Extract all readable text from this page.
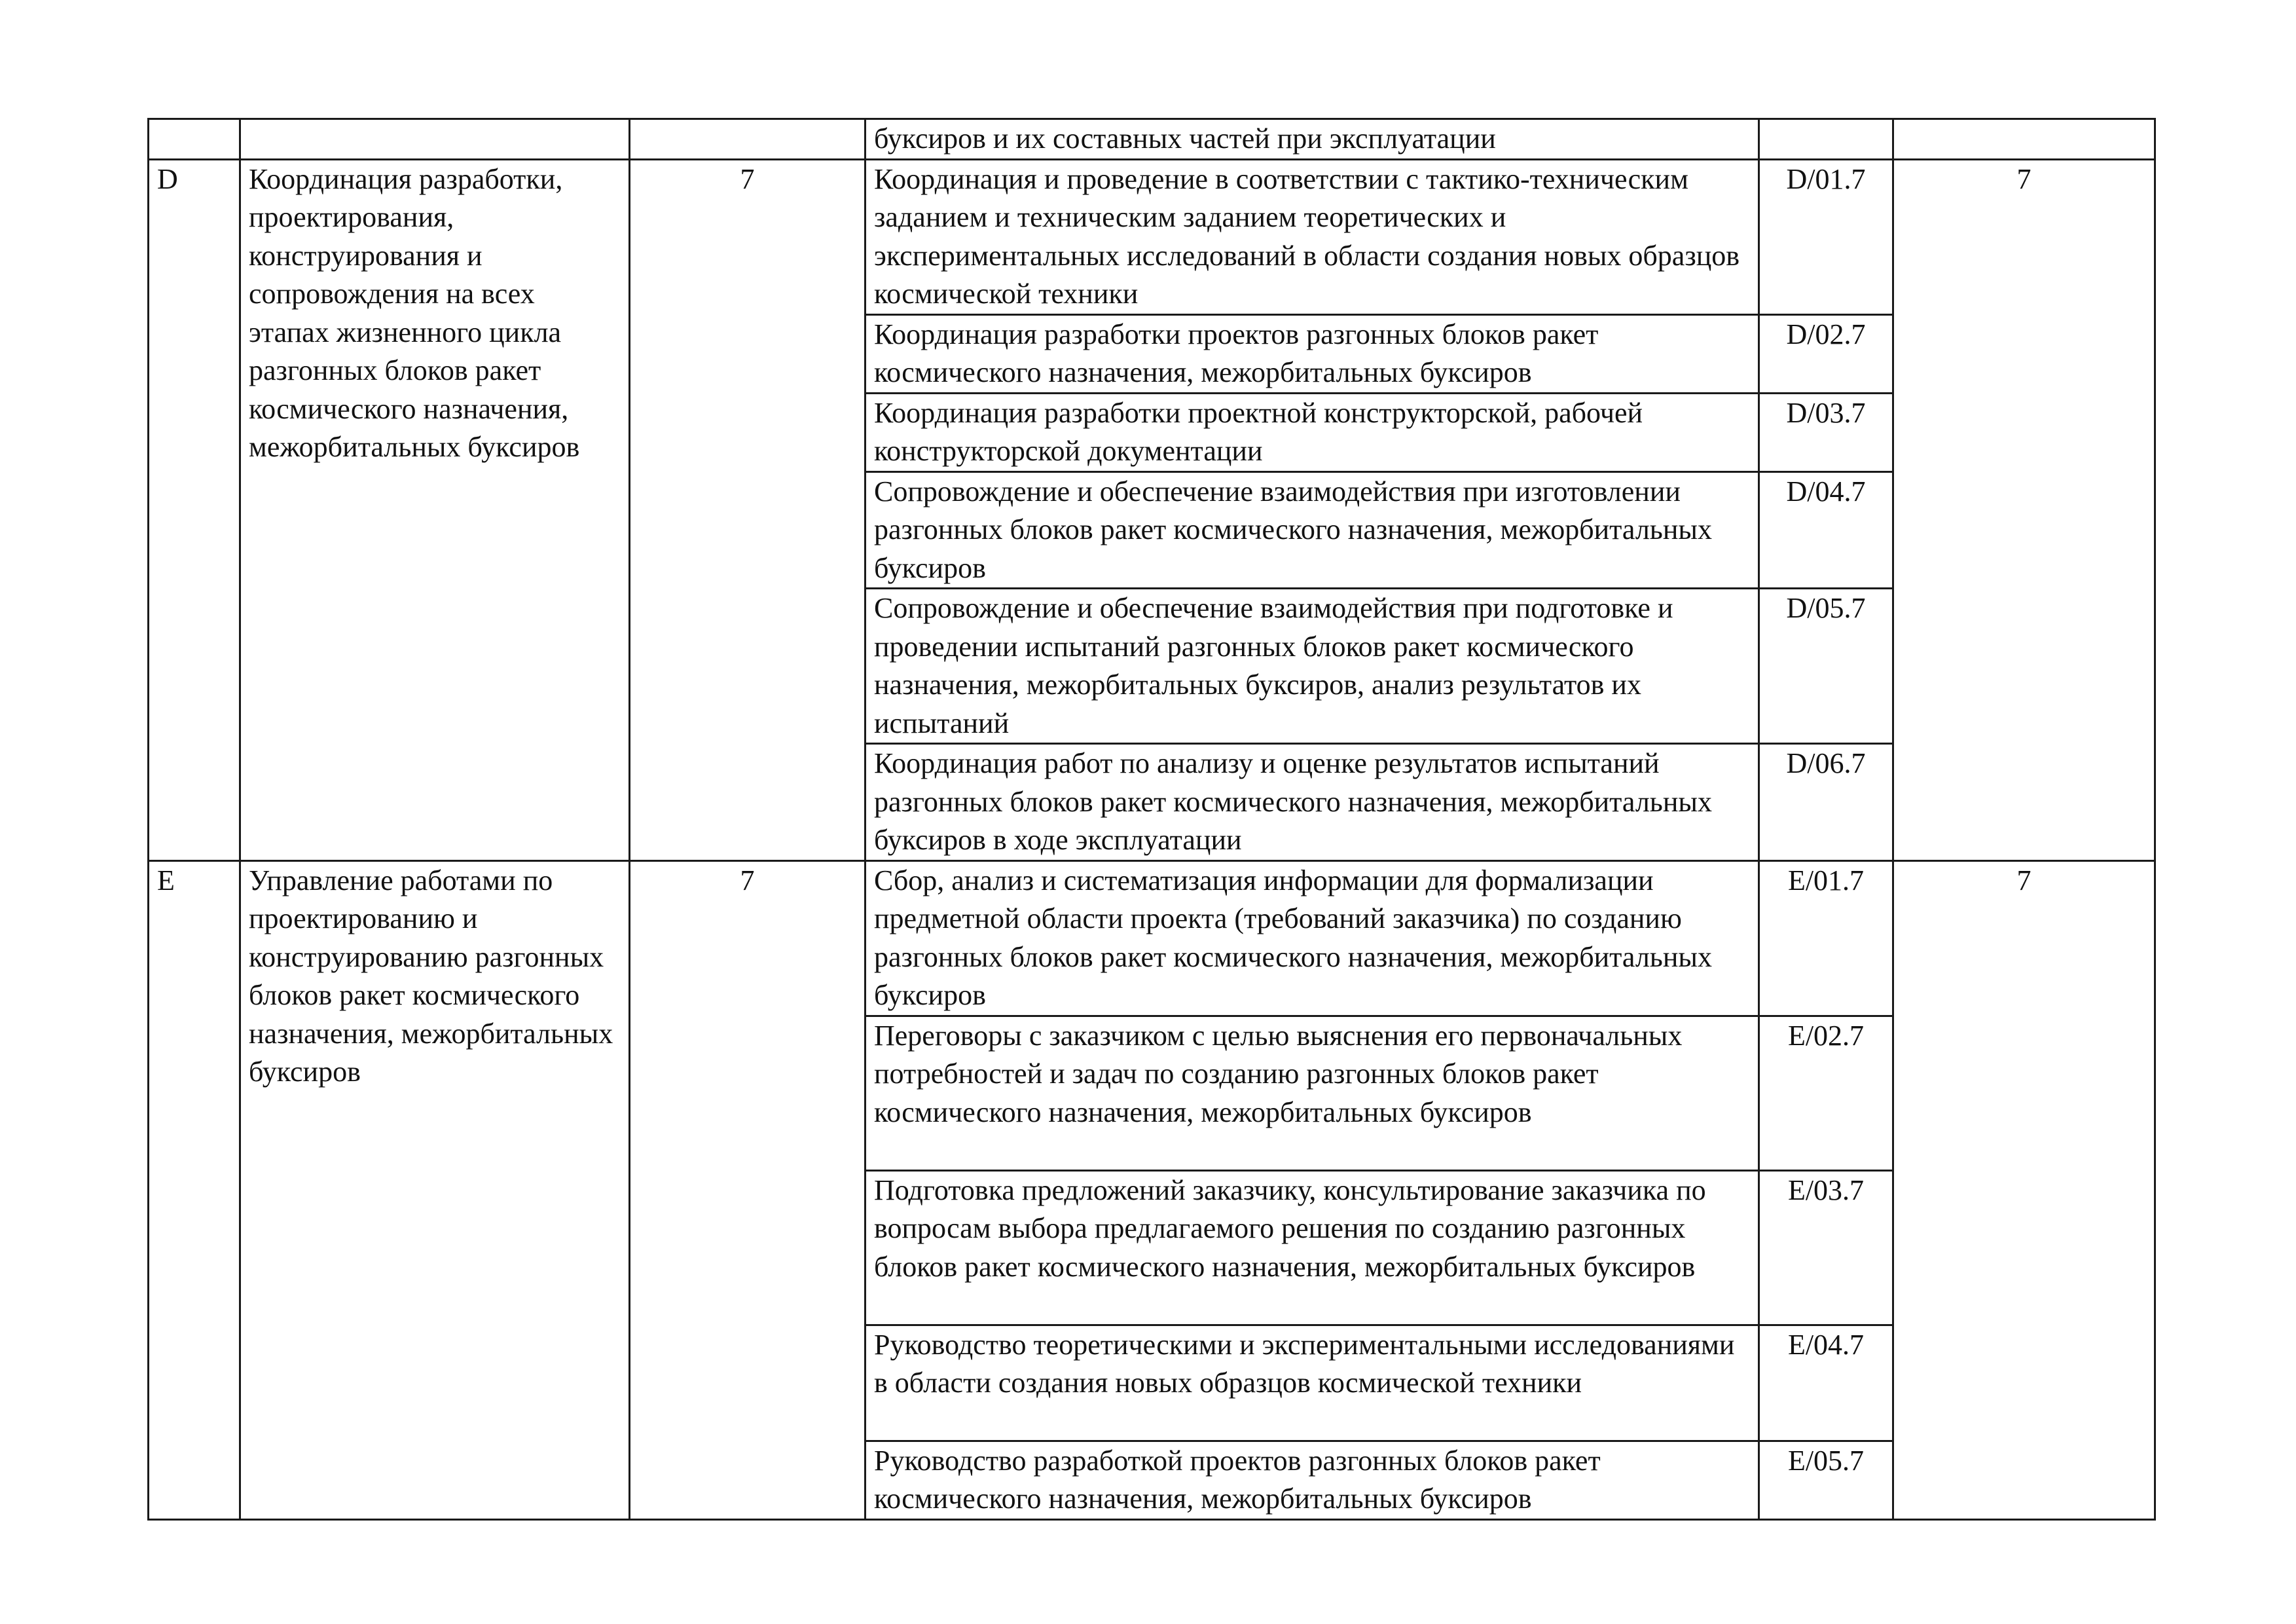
			буксиров и их составных частей при эксплуатации		
D	Координация разработки, проектирования, конструирования и сопровождения на всех этапах жизненного цикла разгонных блоков ракет космического назначения, межорбитальных буксиров	7	Координация и проведение в соответствии с тактико-техническим заданием и техническим заданием теоретических и экспериментальных исследований в области создания новых образцов космической техники	D/01.7	7
			Координация разработки проектов разгонных блоков ракет космического назначения, межорбитальных буксиров	D/02.7	
			Координация разработки проектной конструкторской, рабочей конструкторской документации	D/03.7	
			Сопровождение и обеспечение взаимодействия при изготовлении разгонных блоков ракет космического назначения, межорбитальных буксиров	D/04.7	
			Сопровождение и обеспечение взаимодействия при подготовке и проведении испытаний разгонных блоков ракет космического назначения, межорбитальных буксиров, анализ результатов их испытаний	D/05.7	
			Координация работ по анализу и оценке результатов испытаний разгонных блоков ракет космического назначения, межорбитальных буксиров в ходе эксплуатации	D/06.7	
E	Управление работами по проектированию и конструированию разгонных блоков ракет космического назначения, межорбитальных буксиров	7	Сбор, анализ и систематизация информации для формализации предметной области проекта (требований заказчика) по созданию разгонных блоков ракет космического назначения, межорбитальных буксиров	E/01.7	7
			Переговоры с заказчиком с целью выяснения его первоначальных потребностей и задач по созданию разгонных блоков ракет космического назначения, межорбитальных буксиров	E/02.7	
			Подготовка предложений заказчику, консультирование заказчика по вопросам выбора предлагаемого решения по созданию разгонных блоков ракет космического назначения, межорбитальных буксиров	E/03.7	
			Руководство теоретическими и экспериментальными исследованиями в области создания новых образцов космической техники	E/04.7	
			Руководство разработкой проектов разгонных блоков ракет космического назначения, межорбитальных буксиров	E/05.7	
